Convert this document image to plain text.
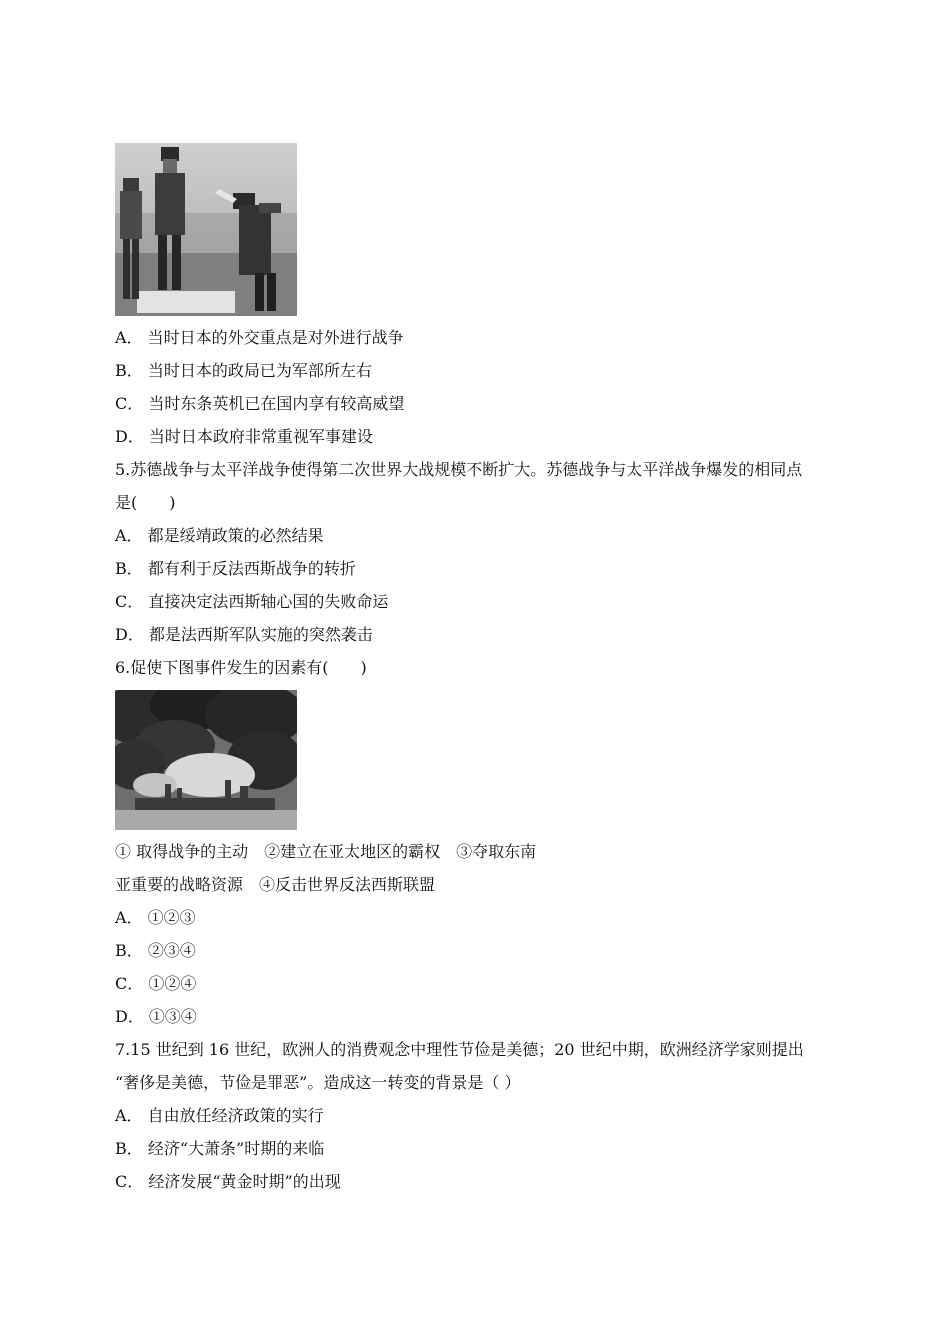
A． 当时日本的外交重点是对外进行战争
B． 当时日本的政局已为军部所左右
C． 当时东条英机已在国内享有较高威望
D． 当时日本政府非常重视军事建设
5.苏德战争与太平洋战争使得第二次世界大战规模不断扩大。苏德战争与太平洋战争爆发的相同点
是(　　)
A． 都是绥靖政策的必然结果
B． 都有利于反法西斯战争的转折
C． 直接决定法西斯轴心国的失败命运
D． 都是法西斯军队实施的突然袭击
6.促使下图事件发生的因素有(　　)
① 取得战争的主动　②建立在亚太地区的霸权　③夺取东南
亚重要的战略资源　④反击世界反法西斯联盟
A． ①②③
B． ②③④
C． ①②④
D． ①③④
7.15 世纪到 16 世纪，欧洲人的消费观念中理性节俭是美德；20 世纪中期，欧洲经济学家则提出
“奢侈是美德，节俭是罪恶”。造成这一转变的背景是（ ）
A． 自由放任经济政策的实行
B． 经济“大萧条”时期的来临
C． 经济发展“黄金时期”的出现
